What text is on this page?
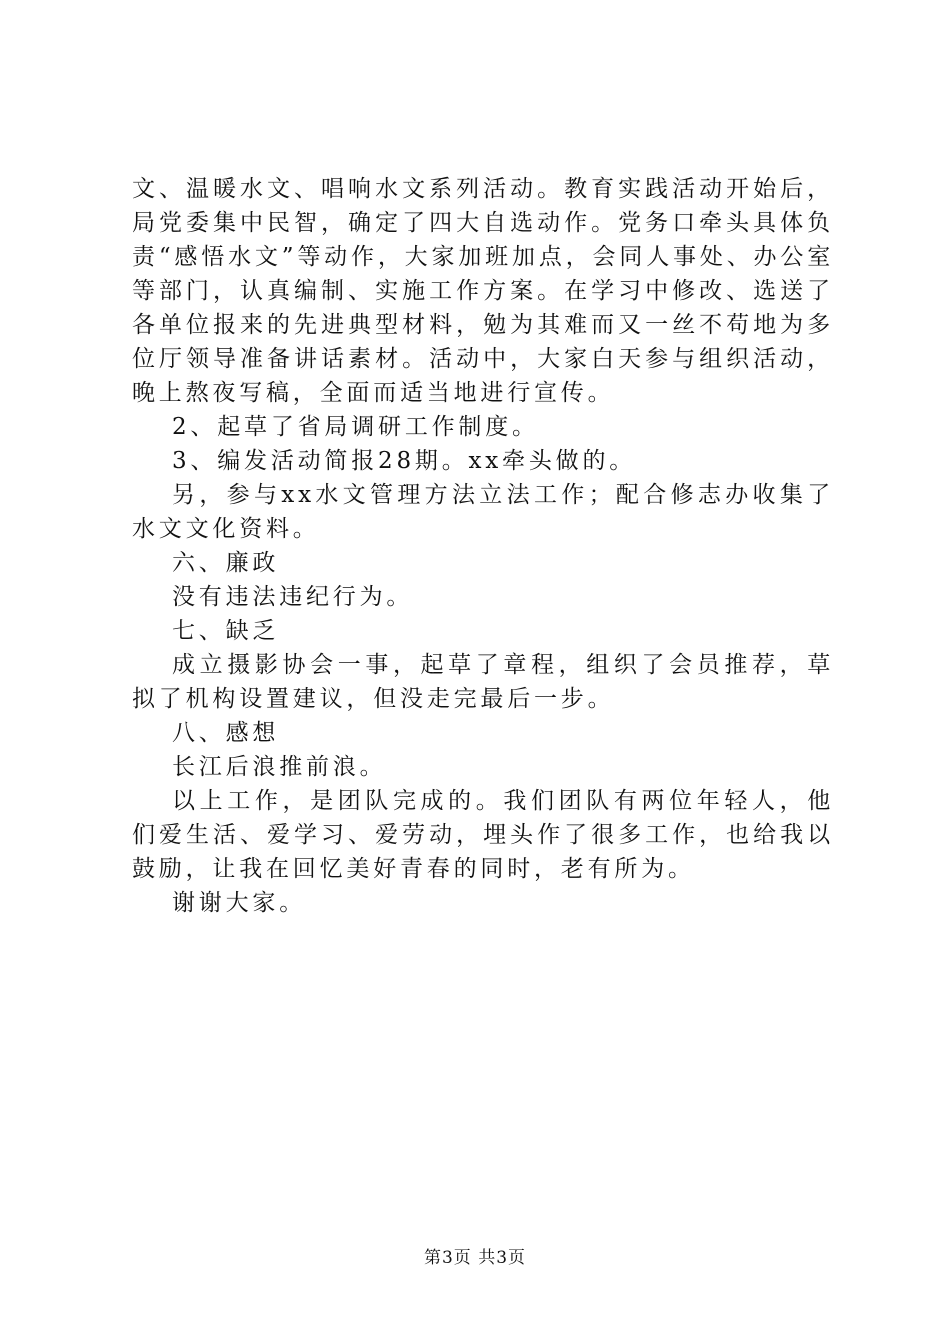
文、温暖水文、唱响水文系列活动。教育实践活动开始后，局党委集中民智，确定了四大自选动作。党务口牵头具体负责“感悟水文”等动作，大家加班加点，会同人事处、办公室等部门，认真编制、实施工作方案。在学习中修改、选送了各单位报来的先进典型材料，勉为其难而又一丝不苟地为多位厅领导准备讲话素材。活动中，大家白天参与组织活动，晚上熬夜写稿，全面而适当地进行宣传。

2、起草了省局调研工作制度。

3、编发活动简报28期。xx牵头做的。

另，参与xx水文管理方法立法工作；配合修志办收集了水文文化资料。

六、廉政

没有违法违纪行为。

七、缺乏

成立摄影协会一事，起草了章程，组织了会员推荐，草拟了机构设置建议，但没走完最后一步。

八、感想

长江后浪推前浪。

以上工作，是团队完成的。我们团队有两位年轻人，他们爱生活、爱学习、爱劳动，埋头作了很多工作，也给我以鼓励，让我在回忆美好青春的同时，老有所为。

谢谢大家。

第3页 共3页
